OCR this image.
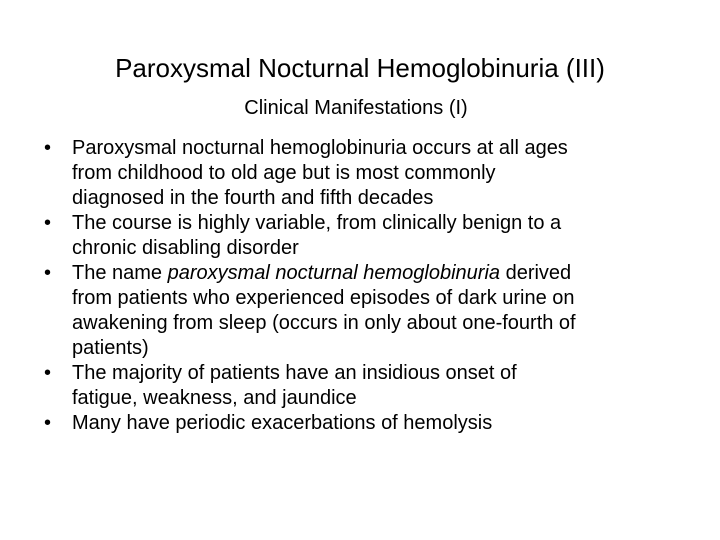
Paroxysmal Nocturnal Hemoglobinuria (III)
Clinical Manifestations (I)
•	Paroxysmal nocturnal hemoglobinuria occurs at all ages
from childhood to old age but is most commonly
diagnosed in the fourth and fifth decades
•	The course is highly variable, from clinically benign to a
chronic disabling disorder
•	The name paroxysmal nocturnal hemoglobinuria derived
from patients who experienced episodes of dark urine on
awakening from sleep (occurs in only about one-fourth of
patients)
•	The majority of patients have an insidious onset of
fatigue, weakness, and jaundice
•	Many have periodic exacerbations of hemolysis
